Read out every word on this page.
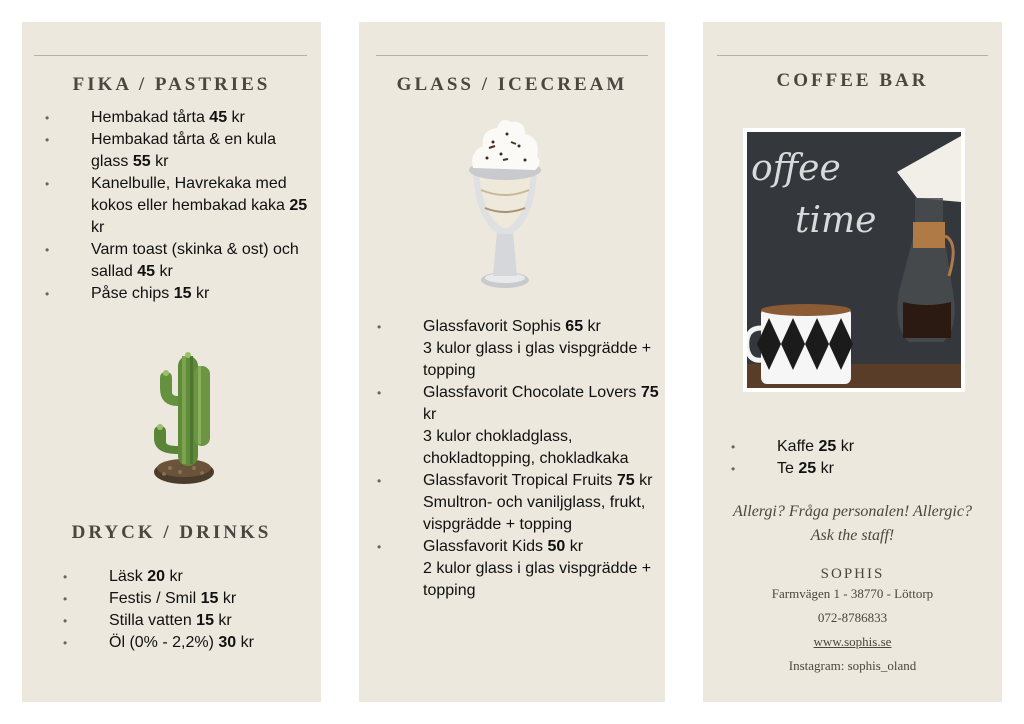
FIKA / PASTRIES
• Hembakad tårta 45 kr
• Hembakad tårta & en kula glass 55 kr
• Kanelbulle, Havrekaka med kokos eller hembakad kaka 25 kr
• Varm toast (skinka & ost) och sallad 45 kr
• Påse chips 15 kr
DRYCK / DRINKS
• Läsk 20 kr
• Festis / Smil 15 kr
• Stilla vatten 15 kr
• Öl (0% - 2,2%) 30 kr
GLASS / ICECREAM
• Glassfavorit Sophis 65 kr
3 kulor glass i glas vispgrädde + topping
• Glassfavorit Chocolate Lovers 75 kr
3 kulor chokladglass, chokladtopping, chokladkaka
• Glassfavorit Tropical Fruits 75 kr
Smultron- och vaniljglass, frukt, vispgrädde + topping
• Glassfavorit Kids 50 kr
2 kulor glass i glas vispgrädde + topping
COFFEE BAR
offee
time
• Kaffe 25 kr
• Te 25 kr
Allergi? Fråga personalen! Allergic? Ask the staff!
SOPHIS
Farmvägen 1 - 38770 - Löttorp
072-8786833
www.sophis.se
Instagram: sophis_oland
